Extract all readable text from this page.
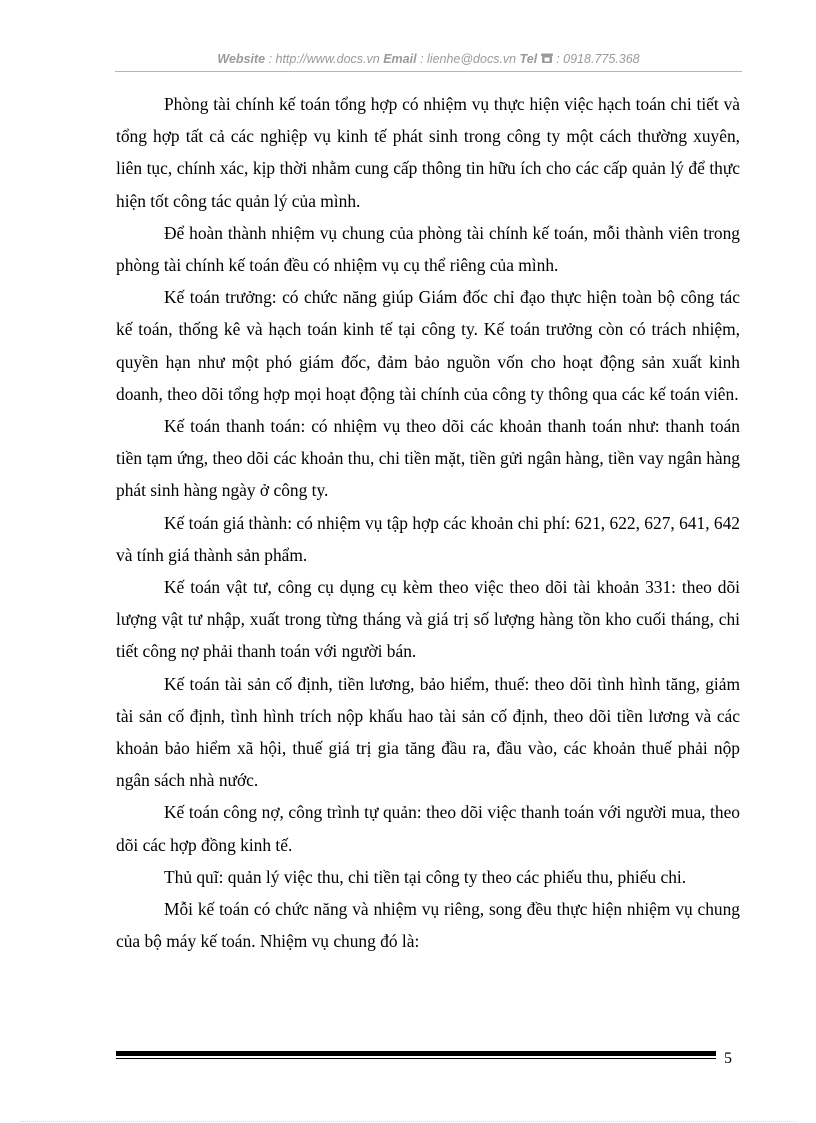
Website : http://www.docs.vn Email : lienhe@docs.vn Tel : 0918.775.368

Phòng tài chính kế toán tổng hợp có nhiệm vụ thực hiện việc hạch toán chi tiết và tổng hợp tất cả các nghiệp vụ kinh tế phát sinh trong công ty một cách thường xuyên, liên tục, chính xác, kịp thời nhằm cung cấp thông tin hữu ích cho các cấp quản lý để thực hiện tốt công tác quản lý của mình.

Để hoàn thành nhiệm vụ chung của phòng tài chính kế toán, mỗi thành viên trong phòng tài chính kế toán đều có nhiệm vụ cụ thể riêng của mình.

Kế toán trưởng: có chức năng giúp Giám đốc chỉ đạo thực hiện toàn bộ công tác kế toán, thống kê và hạch toán kinh tế tại công ty. Kế toán trưởng còn có trách nhiệm, quyền hạn như một phó giám đốc, đảm bảo nguồn vốn cho hoạt động sản xuất kinh doanh, theo dõi tổng hợp mọi hoạt động tài chính của công ty thông qua các kế toán viên.

Kế toán thanh toán: có nhiệm vụ theo dõi các khoản thanh toán như: thanh toán tiền tạm ứng, theo dõi các khoản thu, chi tiền mặt, tiền gửi ngân hàng, tiền vay ngân hàng phát sinh hàng ngày ở công ty.

Kế toán giá thành: có nhiệm vụ tập hợp các khoản chi phí: 621, 622, 627, 641, 642 và tính giá thành sản phẩm.

Kế toán vật tư, công cụ dụng cụ kèm theo việc theo dõi tài khoản 331: theo dõi lượng vật tư nhập, xuất trong từng tháng và giá trị số lượng hàng tồn kho cuối tháng, chi tiết công nợ phải thanh toán với người bán.

Kế toán tài sản cố định, tiền lương, bảo hiểm, thuế: theo dõi tình hình tăng, giảm tài sản cố định, tình hình trích nộp khấu hao tài sản cố định, theo dõi tiền lương và các khoản bảo hiểm xã hội, thuế giá trị gia tăng đầu ra, đầu vào, các khoản thuế phải nộp ngân sách nhà nước.

Kế toán công nợ, công trình tự quản: theo dõi việc thanh toán với người mua, theo dõi các hợp đồng kinh tế.

Thủ quĩ: quản lý việc thu, chi tiền tại công ty theo các phiếu thu, phiếu chi.

Mỗi kế toán có chức năng và nhiệm vụ riêng, song đều thực hiện nhiệm vụ chung của bộ máy kế toán. Nhiệm vụ chung đó là:

5
